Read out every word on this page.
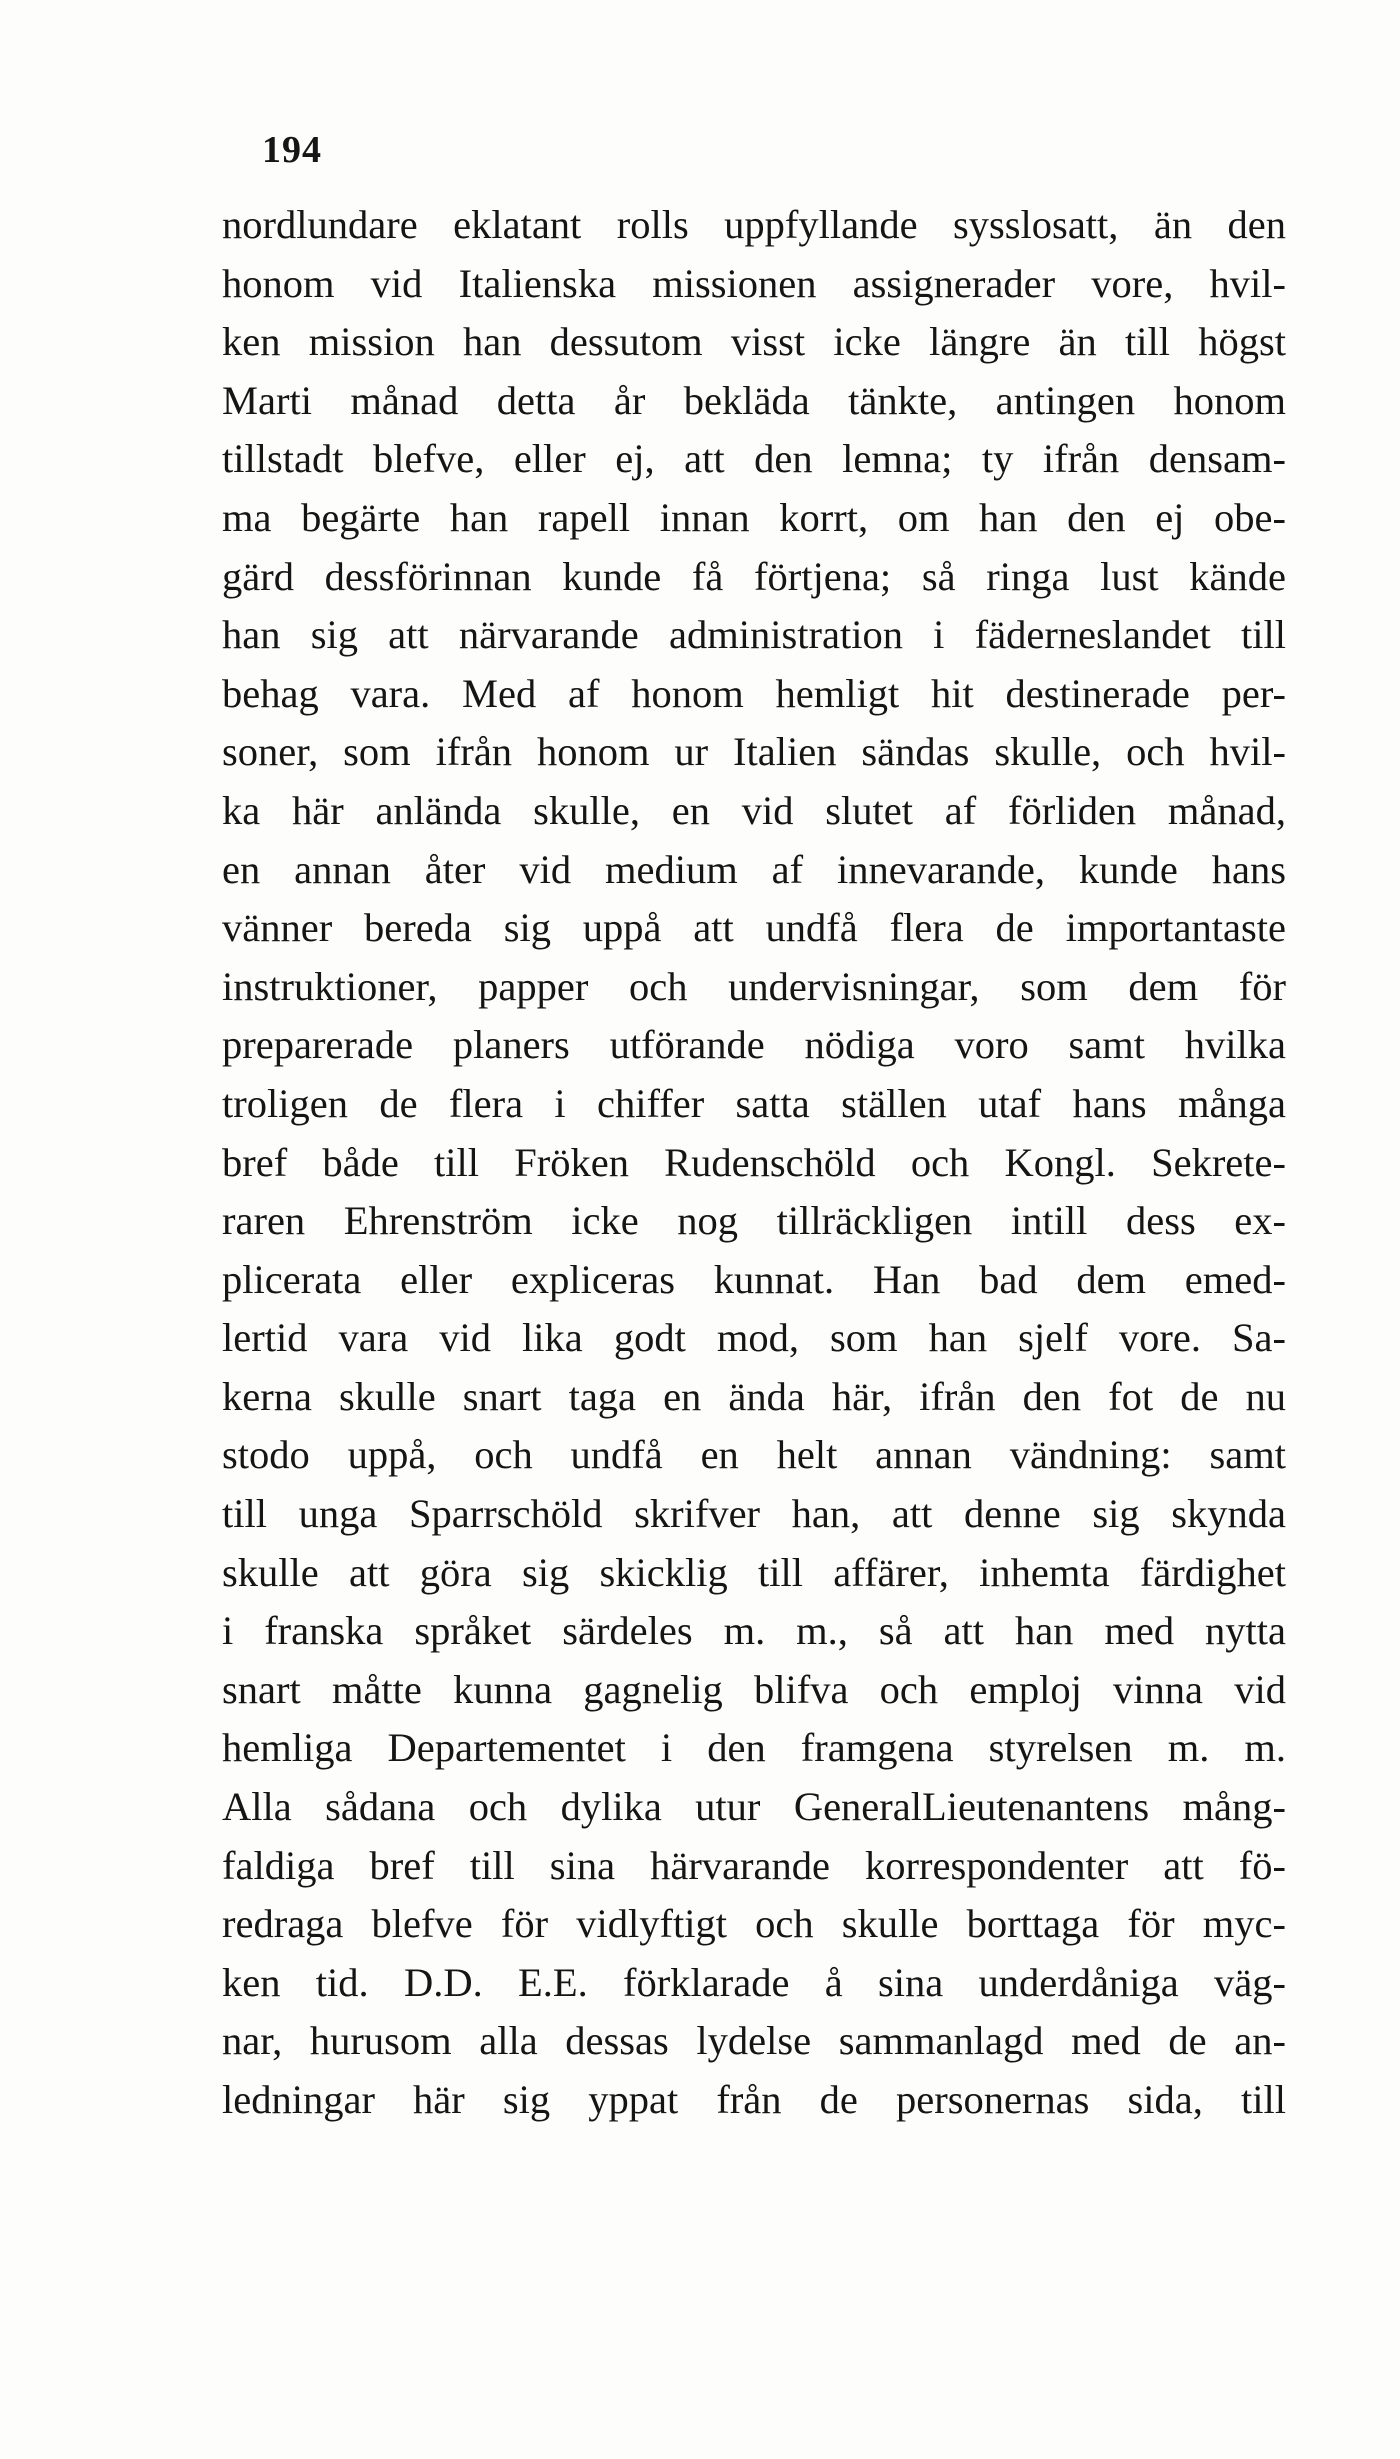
194
nordlundare eklatant rolls uppfyllande sysslosatt, än den
honom vid Italienska missionen assignerader vore, hvil-
ken mission han dessutom visst icke längre än till högst
Marti månad detta år beklädа tänkte, antingen honom
tillstadt blefve, eller ej, att den lemna; ty ifrån densam-
ma begärte han rapell innan korrt, om han den ej obe-
gärd dessförinnan kunde få förtjena; så ringa lust kände
han sig att närvarande administration i fäderneslandet till
behag vara. Med af honom hemligt hit destinerade per-
soner, som ifrån honom ur Italien sändas skulle, och hvil-
ka här anlända skulle, en vid slutet af förliden månad,
en annan åter vid medium af innevarande, kunde hans
vänner bereda sig uppå att undfå flera de importantaste
instruktioner, papper och undervisningar, som dem för
preparerade planers utförande nödiga voro samt hvilka
troligen de flera i chiffer satta ställen utaf hans många
bref både till Fröken Rudenschöld och Kongl. Sekrete-
raren Ehrenström icke nog tillräckligen intill dess ex-
pliceratа eller expliceras kunnat. Han bad dem emed-
lertid vara vid lika godt mod, som han sjelf vore. Sa-
kerna skulle snart taga en ända här, ifrån den fot de nu
stodo uppå, och undfå en helt annan vändning: samt
till unga Sparrschöld skrifver han, att denne sig skynda
skulle att göra sig skicklig till affärer, inhemta färdighet
i franska språket särdeles m. m., så att han med nytta
snart måtte kunna gagnelig blifva och emploj vinna vid
hemliga Departementet i den framgena styrelsen m. m.
Alla sådana och dylika utur GeneralLieutenantens mång-
faldiga bref till sina härvarande korrespondenter att fö-
redraga blefve för vidlyftigt och skulle borttaga för myc-
ken tid. D.D. E.E. förklarade å sina underdåniga väg-
nar, hurusom alla dessas lydelse sammanlagd med de an-
ledningar här sig yppat från de personernas sida, till
